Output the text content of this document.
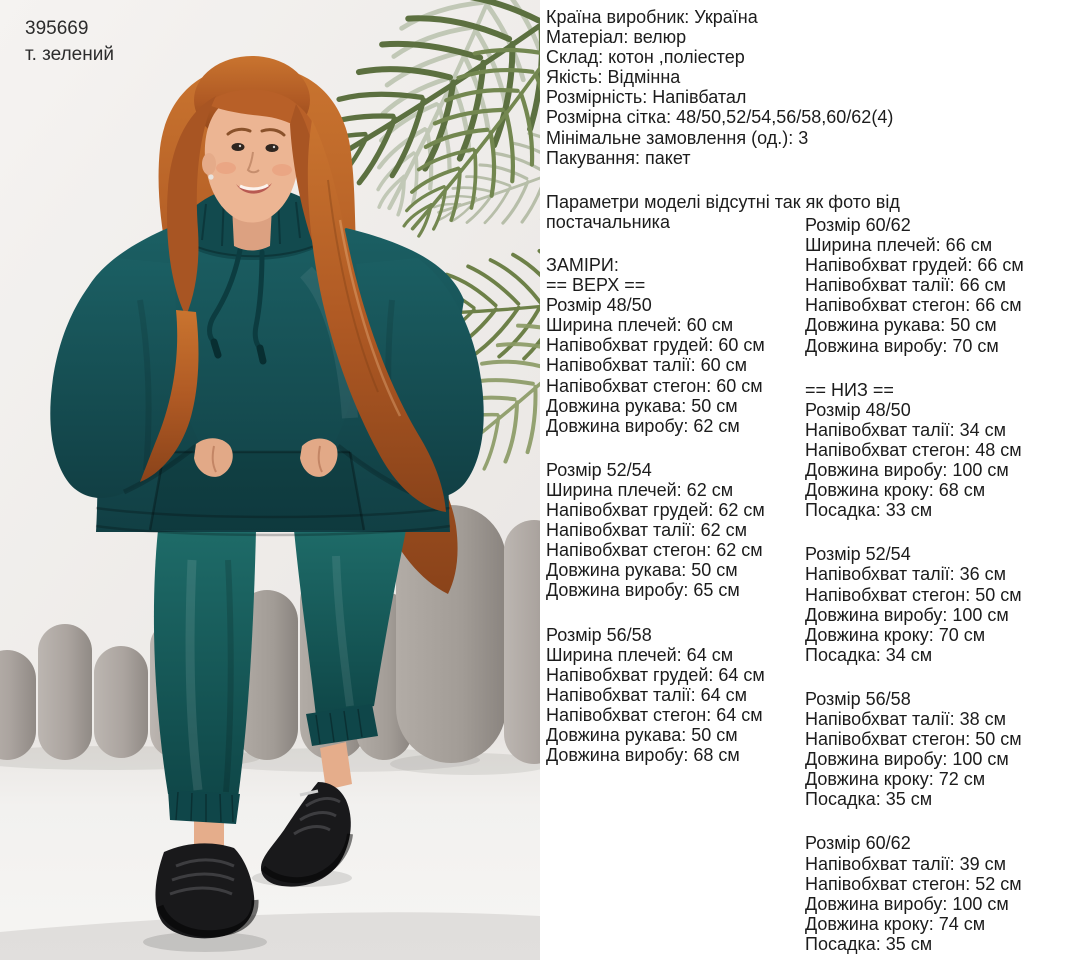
395669
т. зелений
Країна виробник: Україна
Матеріал: велюр
Склад: котон ,поліестер
Якість: Відмінна
Розмірність: Напівбатал
Розмірна сітка: 48/50,52/54,56/58,60/62(4)
Мінімальне замовлення (од.): 3
Пакування: пакет
Параметри моделі відсутні так як фото від постачальника
ЗАМІРИ:
== ВЕРХ ==
Розмір 48/50
Ширина плечей: 60 см
Напівобхват грудей: 60 см
Напівобхват талії: 60 см
Напівобхват стегон: 60 см
Довжина рукава: 50 см
Довжина виробу: 62 см
Розмір 52/54
Ширина плечей: 62 см
Напівобхват грудей: 62 см
Напівобхват талії: 62 см
Напівобхват стегон: 62 см
Довжина рукава: 50 см
Довжина виробу: 65 см
Розмір 56/58
Ширина плечей: 64 см
Напівобхват грудей: 64 см
Напівобхват талії: 64 см
Напівобхват стегон: 64 см
Довжина рукава: 50 см
Довжина виробу: 68 см
Розмір 60/62
Ширина плечей: 66 см
Напівобхват грудей: 66 см
Напівобхват талії: 66 см
Напівобхват стегон: 66 см
Довжина рукава: 50 см
Довжина виробу: 70 см
== НИЗ ==
Розмір 48/50
Напівобхват талії: 34 см
Напівобхват стегон: 48 см
Довжина виробу: 100 см
Довжина кроку: 68 см
Посадка: 33 см
Розмір 52/54
Напівобхват талії: 36 см
Напівобхват стегон: 50 см
Довжина виробу: 100 см
Довжина кроку: 70 см
Посадка: 34 см
Розмір 56/58
Напівобхват талії: 38 см
Напівобхват стегон: 50 см
Довжина виробу: 100 см
Довжина кроку: 72 см
Посадка: 35 см
Розмір 60/62
Напівобхват талії: 39 см
Напівобхват стегон: 52 см
Довжина виробу: 100 см
Довжина кроку: 74 см
Посадка: 35 см
